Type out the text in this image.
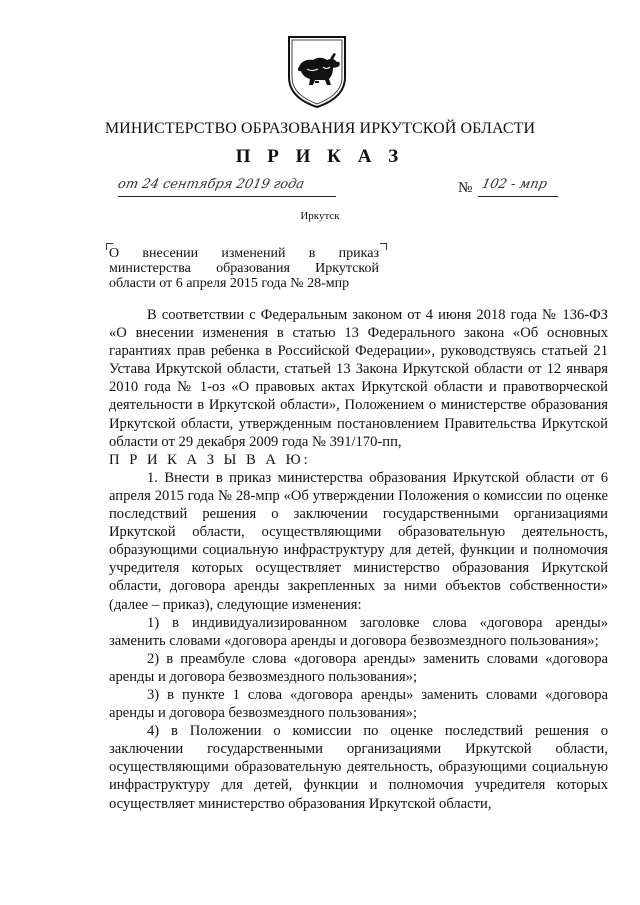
МИНИСТЕРСТВО ОБРАЗОВАНИЯ ИРКУТСКОЙ ОБЛАСТИ
П Р И К А З
от 24 сентября 2019 года	№ 102 - мпр
Иркутск
О внесении изменений в приказ
министерства образования Иркутской
области от 6 апреля 2015 года № 28-мпр

В соответствии с Федеральным законом от 4 июня 2018 года № 136-ФЗ «О внесении изменения в статью 13 Федерального закона «Об основных гарантиях прав ребенка в Российской Федерации», руководствуясь статьей 21 Устава Иркутской области, статьей 13 Закона Иркутской области от 12 января 2010 года № 1-оз «О правовых актах Иркутской области и правотворческой деятельности в Иркутской области», Положением о министерстве образования Иркутской области, утвержденным постановлением Правительства Иркутской области от 29 декабря 2009 года № 391/170-пп,

П Р И К А З Ы В А Ю:

1. Внести в приказ министерства образования Иркутской области от 6 апреля 2015 года № 28-мпр «Об утверждении Положения о комиссии по оценке последствий решения о заключении государственными организациями Иркутской области, осуществляющими образовательную деятельность, образующими социальную инфраструктуру для детей, функции и полномочия учредителя которых осуществляет министерство образования Иркутской области, договора аренды закрепленных за ними объектов собственности» (далее – приказ), следующие изменения:

1) в индивидуализированном заголовке слова «договора аренды» заменить словами «договора аренды и договора безвозмездного пользования»;

2) в преамбуле слова «договора аренды» заменить словами «договора аренды и договора безвозмездного пользования»;

3) в пункте 1 слова «договора аренды» заменить словами «договора аренды и договора безвозмездного пользования»;

4) в Положении о комиссии по оценке последствий решения о заключении государственными организациями Иркутской области, осуществляющими образовательную деятельность, образующими социальную инфраструктуру для детей, функции и полномочия учредителя которых осуществляет министерство образования Иркутской области,
